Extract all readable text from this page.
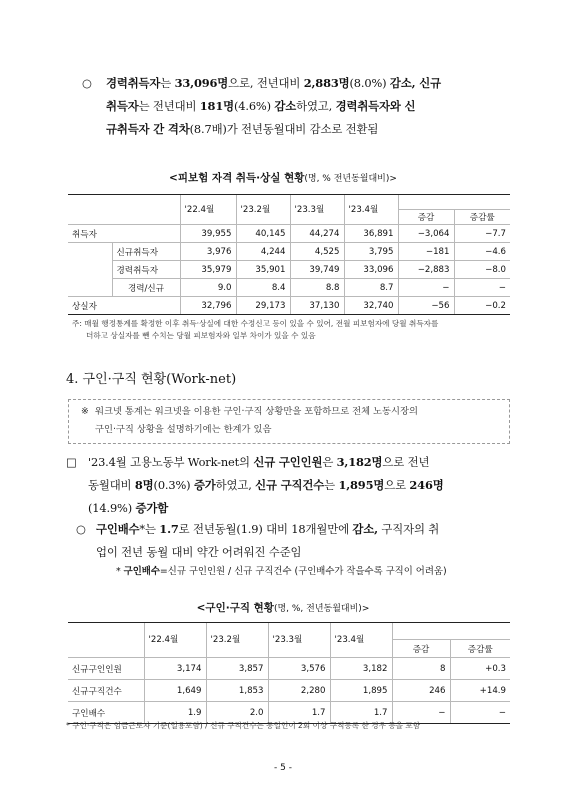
○ 경력취득자는 33,096명으로, 전년대비 2,883명(8.0%) 감소, 신규
취득자는 전년대비 181명(4.6%) 감소하였고, 경력취득자와 신
규취득자 간 격차(8.7배)가 전년동월대비 감소로 전환됨
<피보험 자격 취득·상실 현황(명, % 전년동월대비)>
		'22.4월	'23.2월	'23.3월	'23.4월		
						증감	증감률
취득자		39,955	40,145	44,274	36,891	−3,064	−7.7
	신규취득자	3,976	4,244	4,525	3,795	−181	−4.6
	경력취득자	35,979	35,901	39,749	33,096	−2,883	−8.0
	경력/신규	9.0	8.4	8.8	8.7	−	−
상실자		32,796	29,173	37,130	32,740	−56	−0.2
주: 매월 행정통계를 확정한 이후 취득·상실에 대한 수정신고 등이 있을 수 있어, 전월 피보험자에 당월 취득자를
더하고 상실자를 뺀 수치는 당월 피보험자와 일부 차이가 있을 수 있음
4. 구인·구직 현황(Work-net)
※ 워크넷 통계는 워크넷을 이용한 구인·구직 상황만을 포함하므로 전체 노동시장의
구인·구직 상황을 설명하기에는 한계가 있음
□ '23.4월 고용노동부 Work-net의 신규 구인인원은 3,182명으로 전년
동월대비 8명(0.3%) 증가하였고, 신규 구직건수는 1,895명으로 246명
(14.9%) 증가함
○ 구인배수*는 1.7로 전년동월(1.9) 대비 18개월만에 감소, 구직자의 취
업이 전년 동월 대비 약간 어려워진 수준임
* 구인배수=신규 구인인원 / 신규 구직건수 (구인배수가 작을수록 구직이 어려움)
<구인·구직 현황(명, %, 전년동월대비)>
	'22.4월	'23.2월	'23.3월	'23.4월		
					증감	증감률
신규구인인원	3,174	3,857	3,576	3,182	8	+0.3
신규구직건수	1,649	1,853	2,280	1,895	246	+14.9
구인배수	1.9	2.0	1.7	1.7	−	−
* 구인·구직은 임금근로자 기준(일용포함) / 신규 구직건수는 동일인이 2회 이상 구직등록 한 경우 등을 포함
- 5 -
